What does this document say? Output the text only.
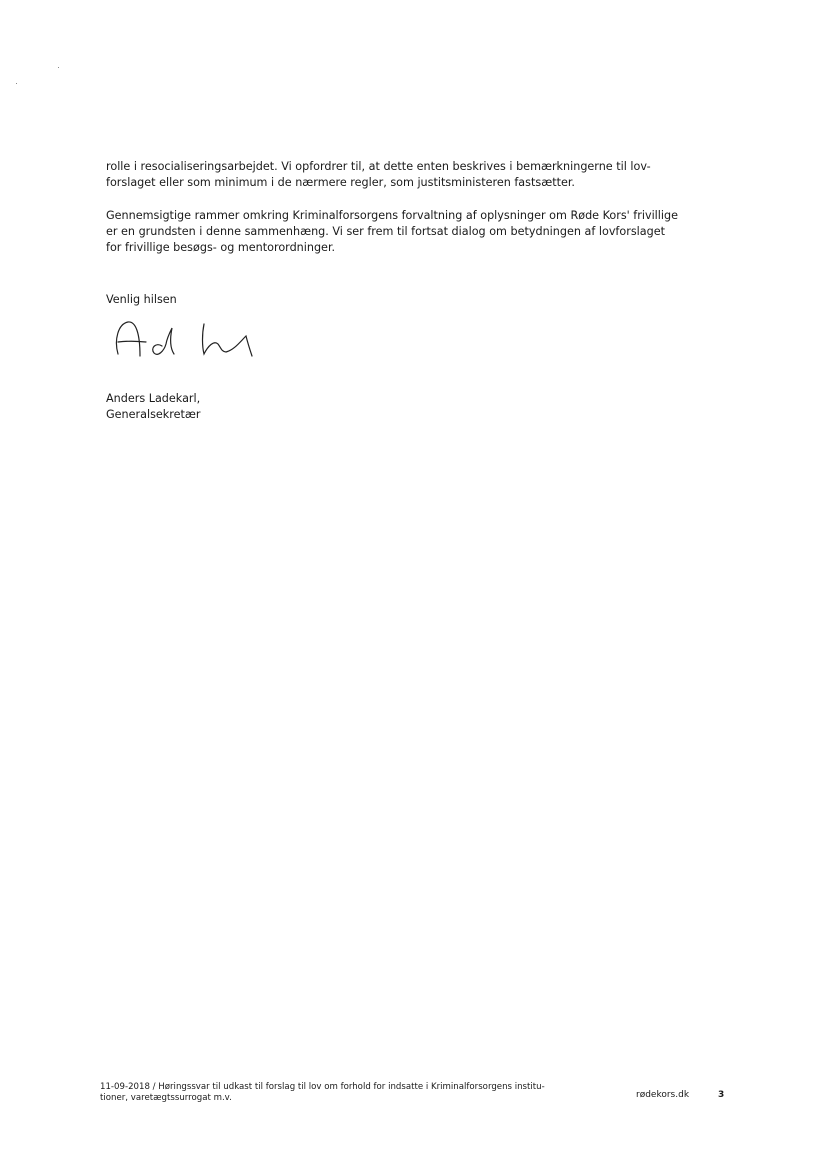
rolle i resocialiseringsarbejdet. Vi opfordrer til, at dette enten beskrives i bemærkningerne til lov-
forslaget eller som minimum i de nærmere regler, som justitsministeren fastsætter.

Gennemsigtige rammer omkring Kriminalforsorgens forvaltning af oplysninger om Røde Kors' frivillige
er en grundsten i denne sammenhæng. Vi ser frem til fortsat dialog om betydningen af lovforslaget
for frivillige besøgs- og mentorordninger.

Venlig hilsen
Anders Ladekarl,
Generalsekretær
11-09-2018 / Høringssvar til udkast til forslag til lov om forhold for indsatte i Kriminalforsorgens institu-
tioner, varetægtssurrogat m.v.	rødekors.dk	3
